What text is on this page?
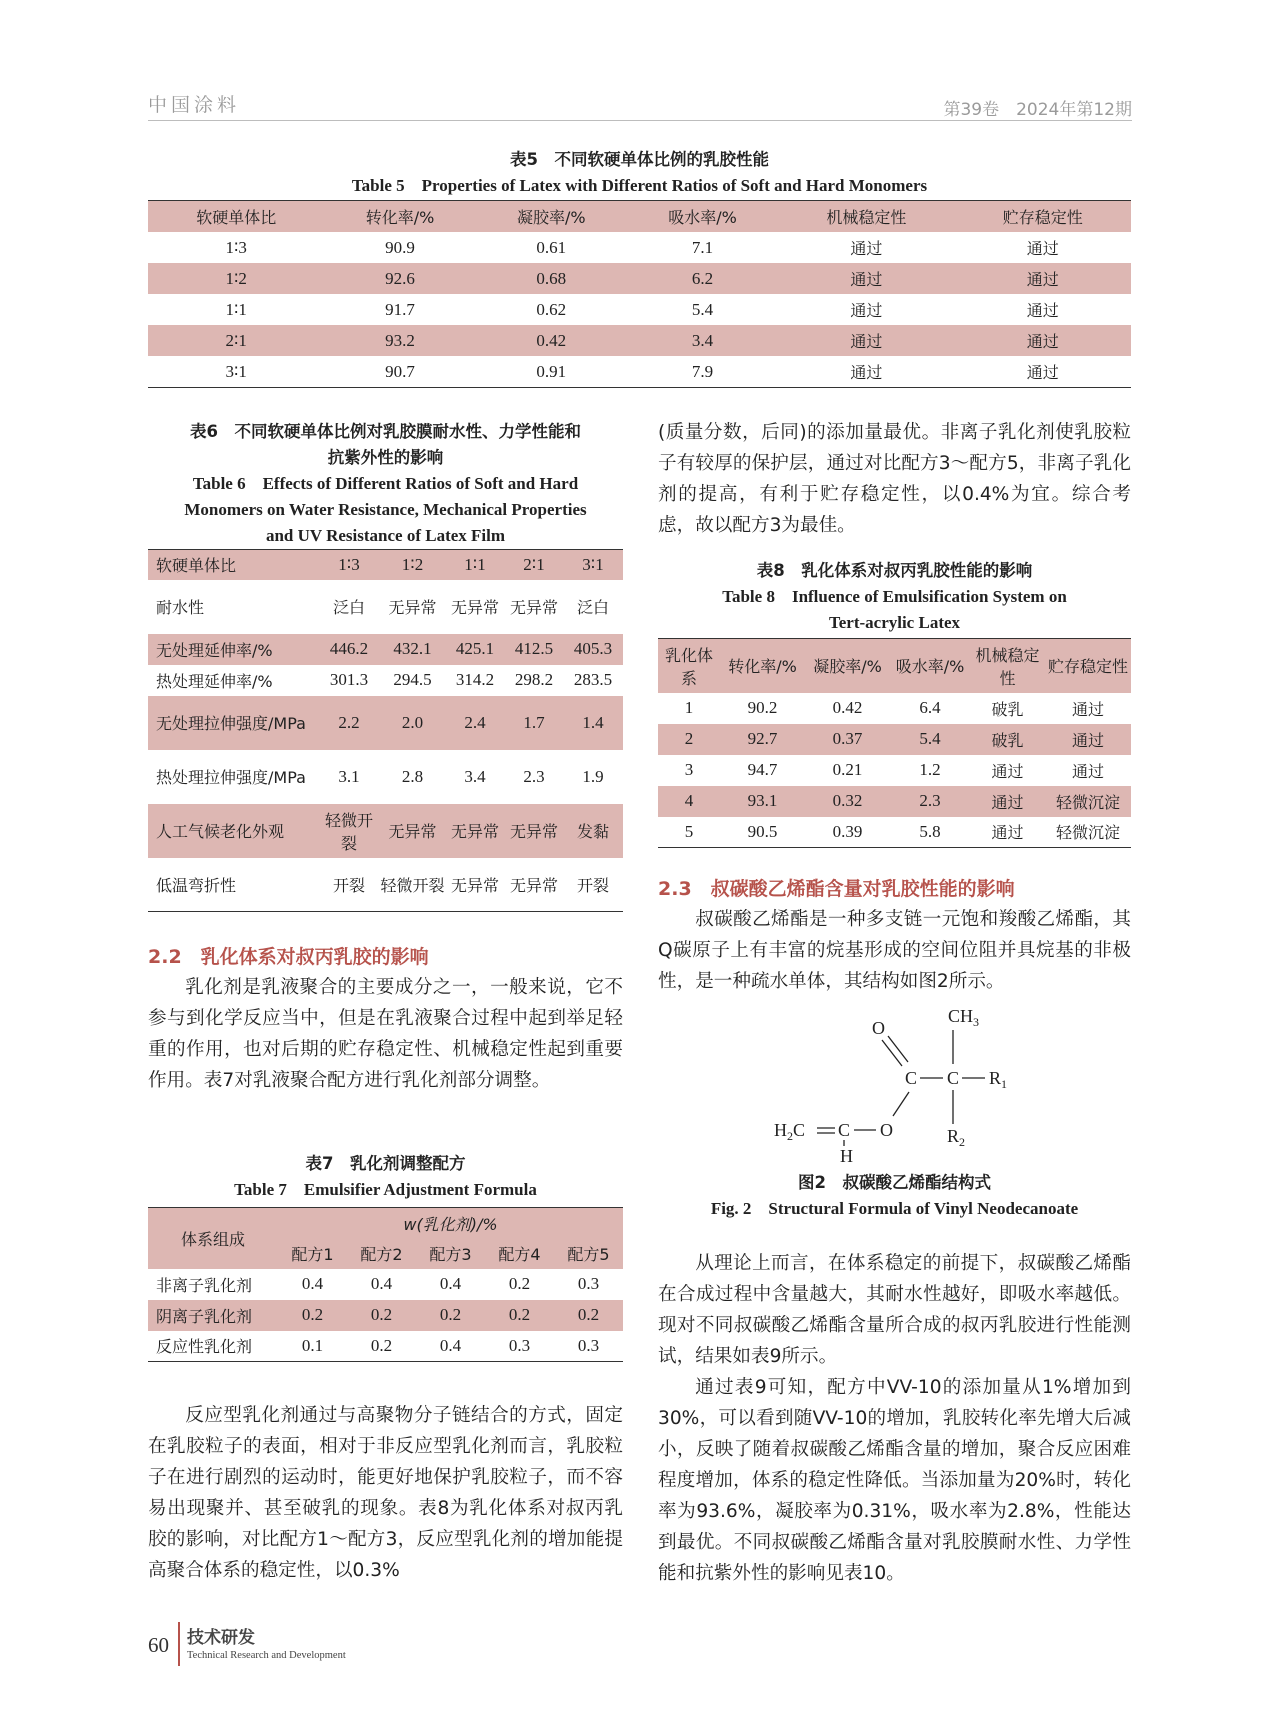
中国涂料	第39卷　2024年第12期
表5　不同软硬单体比例的乳胶性能
Table 5　Properties of Latex with Different Ratios of Soft and Hard Monomers
软硬单体比	转化率/%	凝胶率/%	吸水率/%	机械稳定性	贮存稳定性
1∶3	90.9	0.61	7.1	通过	通过
1∶2	92.6	0.68	6.2	通过	通过
1∶1	91.7	0.62	5.4	通过	通过
2∶1	93.2	0.42	3.4	通过	通过
3∶1	90.7	0.91	7.9	通过	通过
表6　不同软硬单体比例对乳胶膜耐水性、力学性能和
抗紫外性的影响
Table 6　Effects of Different Ratios of Soft and Hard
Monomers on Water Resistance, Mechanical Properties
and UV Resistance of Latex Film
软硬单体比	1∶3	1∶2	1∶1	2∶1	3∶1
耐水性	泛白	无异常	无异常	无异常	泛白
无处理延伸率/%	446.2	432.1	425.1	412.5	405.3
热处理延伸率/%	301.3	294.5	314.2	298.2	283.5
无处理拉伸强度/MPa	2.2	2.0	2.4	1.7	1.4
热处理拉伸强度/MPa	3.1	2.8	3.4	2.3	1.9
人工气候老化外观	轻微开裂	无异常	无异常	无异常	发黏
低温弯折性	开裂	轻微开裂	无异常	无异常	开裂
2.2　乳化体系对叔丙乳胶的影响

乳化剂是乳液聚合的主要成分之一，一般来说，它不参与到化学反应当中，但是在乳液聚合过程中起到举足轻重的作用，也对后期的贮存稳定性、机械稳定性起到重要作用。表7对乳液聚合配方进行乳化剂部分调整。

表7　乳化剂调整配方
Table 7　Emulsifier Adjustment Formula
体系组成	w(乳化剂)/%				
	配方1	配方2	配方3	配方4	配方5
非离子乳化剂	0.4	0.4	0.4	0.2	0.3
阴离子乳化剂	0.2	0.2	0.2	0.2	0.2
反应性乳化剂	0.1	0.2	0.4	0.3	0.3

反应型乳化剂通过与高聚物分子链结合的方式，固定在乳胶粒子的表面，相对于非反应型乳化剂而言，乳胶粒子在进行剧烈的运动时，能更好地保护乳胶粒子，而不容易出现聚并、甚至破乳的现象。表8为乳化体系对叔丙乳胶的影响，对比配方1～配方3，反应型乳化剂的增加能提高聚合体系的稳定性，以0.3%

(质量分数，后同)的添加量最优。非离子乳化剂使乳胶粒子有较厚的保护层，通过对比配方3～配方5，非离子乳化剂的提高，有利于贮存稳定性，以0.4%为宜。综合考虑，故以配方3为最佳。

表8　乳化体系对叔丙乳胶性能的影响
Table 8　Influence of Emulsification System on
Tert-acrylic Latex
乳化体系	转化率/%	凝胶率/%	吸水率/%	机械稳定性	贮存稳定性
1	90.2	0.42	6.4	破乳	通过
2	92.7	0.37	5.4	破乳	通过
3	94.7	0.21	1.2	通过	通过
4	93.1	0.32	2.3	通过	轻微沉淀
5	90.5	0.39	5.8	通过	轻微沉淀
2.3　叔碳酸乙烯酯含量对乳胶性能的影响

叔碳酸乙烯酯是一种多支链一元饱和羧酸乙烯酯，其Q碳原子上有丰富的烷基形成的空间位阻并具烷基的非极性，是一种疏水单体，其结构如图2所示。

O
$CH_3$
C C $R_1$
$R_2$
$H_2C$ C O
H
图2　叔碳酸乙烯酯结构式
Fig. 2　Structural Formula of Vinyl Neodecanoate

从理论上而言，在体系稳定的前提下，叔碳酸乙烯酯在合成过程中含量越大，其耐水性越好，即吸水率越低。现对不同叔碳酸乙烯酯含量所合成的叔丙乳胶进行性能测试，结果如表9所示。

通过表9可知，配方中VV-10的添加量从1%增加到30%，可以看到随VV-10的增加，乳胶转化率先增大后减小，反映了随着叔碳酸乙烯酯含量的增加，聚合反应困难程度增加，体系的稳定性降低。当添加量为20%时，转化率为93.6%，凝胶率为0.31%，吸水率为2.8%，性能达到最优。不同叔碳酸乙烯酯含量对乳胶膜耐水性、力学性能和抗紫外性的影响见表10。

60 技术研发
Technical Research and Development
